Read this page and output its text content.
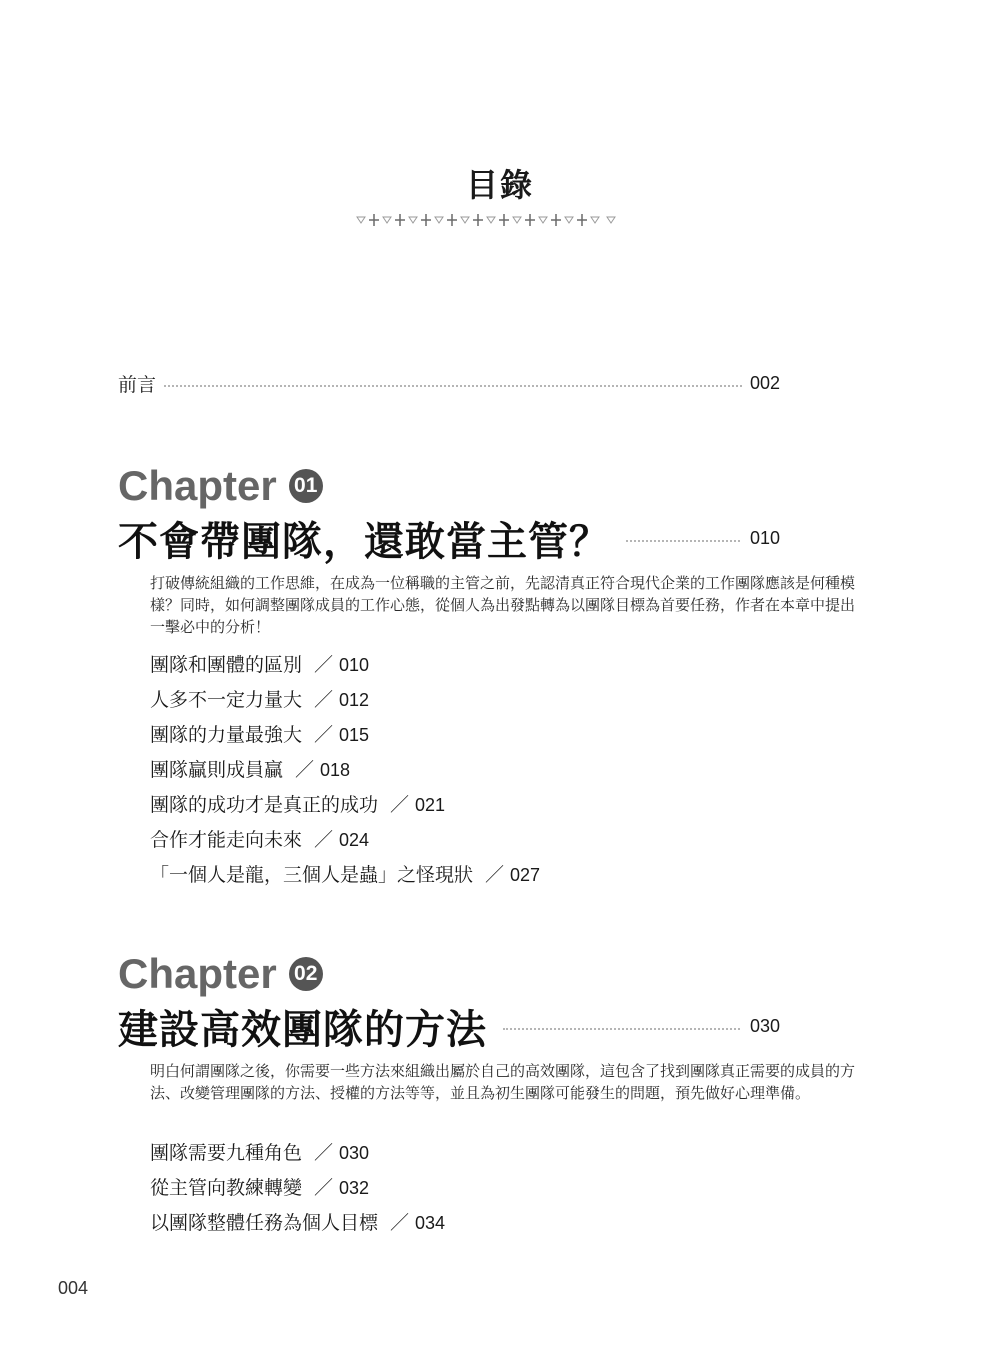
目錄
前言	002
Chapter 01
不會帶團隊，還敢當主管？	010
打破傳統組織的工作思維，在成為一位稱職的主管之前，先認清真正符合現代企業的工作團隊應該是何種模樣？同時，如何調整團隊成員的工作心態，從個人為出發點轉為以團隊目標為首要任務，作者在本章中提出一擊必中的分析！
團隊和團體的區別 ／ 010
人多不一定力量大 ／ 012
團隊的力量最強大 ／ 015
團隊贏則成員贏 ／ 018
團隊的成功才是真正的成功 ／ 021
合作才能走向未來 ／ 024
「一個人是龍，三個人是蟲」之怪現狀 ／ 027
Chapter 02
建設高效團隊的方法	030
明白何謂團隊之後，你需要一些方法來組織出屬於自己的高效團隊，這包含了找到團隊真正需要的成員的方法、改變管理團隊的方法、授權的方法等等，並且為初生團隊可能發生的問題，預先做好心理準備。
團隊需要九種角色 ／ 030
從主管向教練轉變 ／ 032
以團隊整體任務為個人目標 ／ 034
004
